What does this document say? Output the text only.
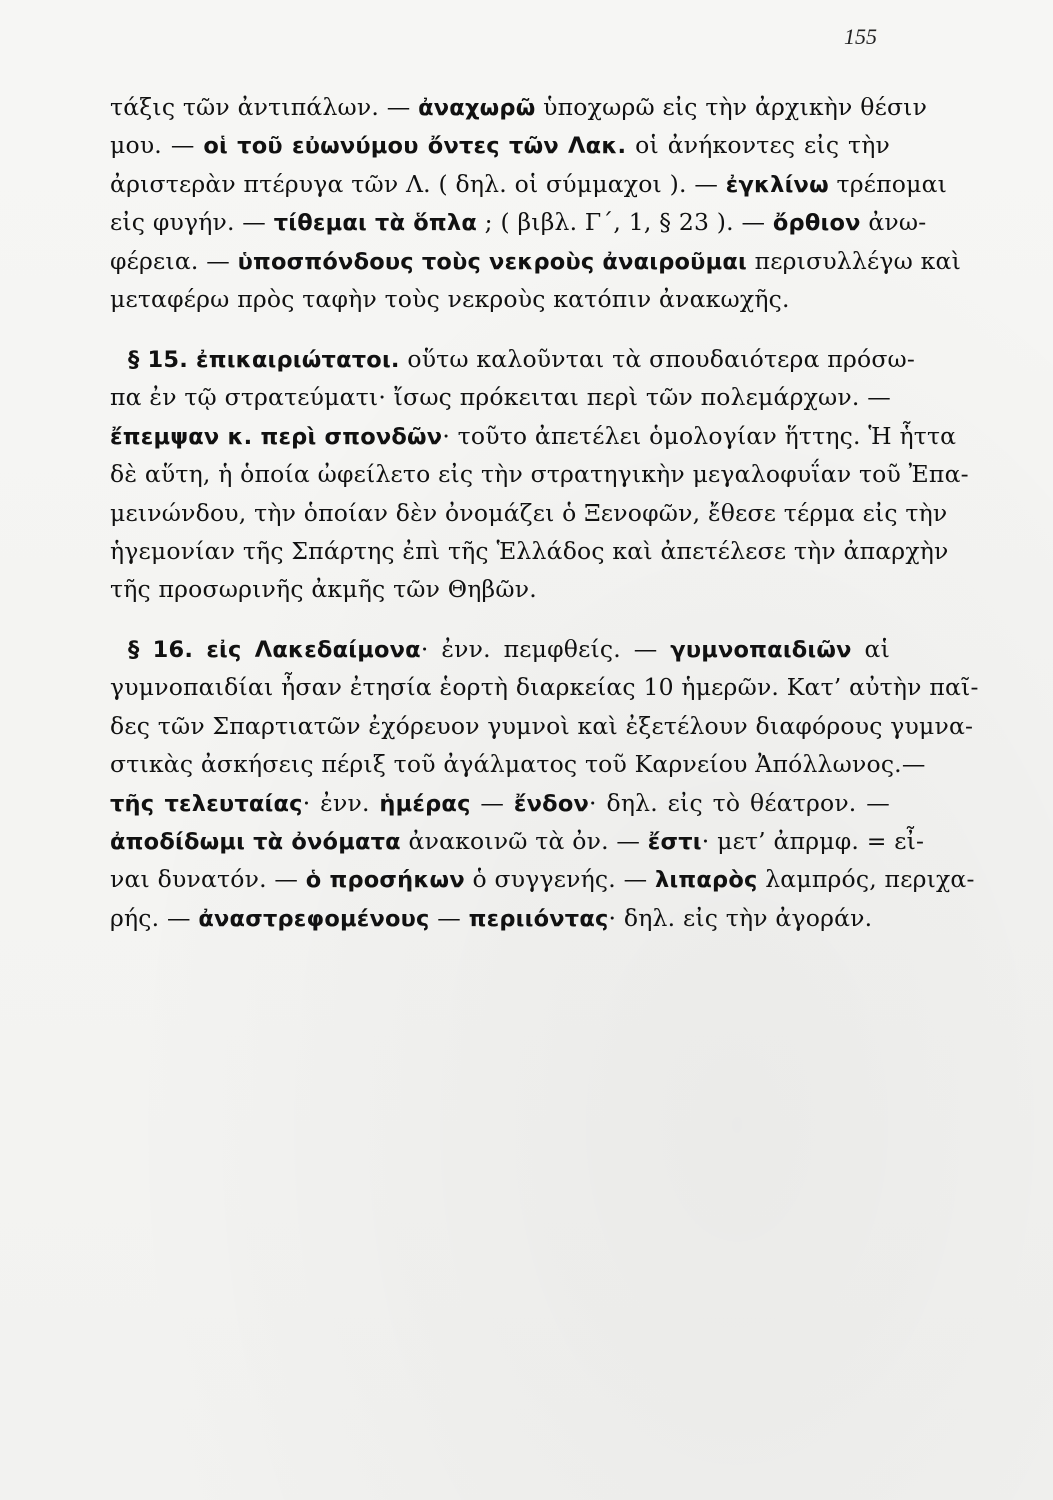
155
τάξις τῶν ἀντιπάλων. — ἀναχωρῶ ὑποχωρῶ εἰς τὴν ἀρχικὴν θέσιν
μου. — οἱ τοῦ εὐωνύμου ὄντες τῶν Λακ. οἱ ἀνήκοντες εἰς τὴν
ἀριστερὰν πτέρυγα τῶν Λ. ( δηλ. οἱ σύμμαχοι ). — ἐγκλίνω τρέπομαι
εἰς φυγήν. — τίθεμαι τὰ ὅπλα ; ( βιβλ. Γ΄, 1, § 23 ). — ὄρθιον ἀνω-
φέρεια. — ὑποσπόνδους τοὺς νεκροὺς ἀναιροῦμαι περισυλλέγω καὶ
μεταφέρω πρὸς ταφὴν τοὺς νεκροὺς κατόπιν ἀνακωχῆς.
§ 15. ἐπικαιριώτατοι. οὕτω καλοῦνται τὰ σπουδαιότερα πρόσω-
πα ἐν τῷ στρατεύματι· ἴσως πρόκειται περὶ τῶν πολεμάρχων. —
ἔπεμψαν κ. περὶ σπονδῶν· τοῦτο ἀπετέλει ὁμολογίαν ἥττης. Ἡ ἧττα
δὲ αὕτη, ἡ ὁποία ὠφείλετο εἰς τὴν στρατηγικὴν μεγαλοφυΐαν τοῦ Ἐπα-
μεινώνδου, τὴν ὁποίαν δὲν ὀνομάζει ὁ Ξενοφῶν, ἔθεσε τέρμα εἰς τὴν
ἡγεμονίαν τῆς Σπάρτης ἐπὶ τῆς Ἑλλάδος καὶ ἀπετέλεσε τὴν ἀπαρχὴν
τῆς προσωρινῆς ἀκμῆς τῶν Θηβῶν.
§ 16. εἰς Λακεδαίμονα· ἐνν. πεμφθείς. — γυμνοπαιδιῶν αἱ
γυμνοπαιδίαι ἦσαν ἐτησία ἑορτὴ διαρκείας 10 ἡμερῶν. Κατ’ αὐτὴν παῖ-
δες τῶν Σπαρτιατῶν ἐχόρευον γυμνοὶ καὶ ἐξετέλουν διαφόρους γυμνα-
στικὰς ἀσκήσεις πέριξ τοῦ ἀγάλματος τοῦ Καρνείου Ἀπόλλωνος.—
τῆς τελευταίας· ἐνν. ἡμέρας — ἔνδον· δηλ. εἰς τὸ θέατρον. —
ἀποδίδωμι τὰ ὀνόματα ἀνακοινῶ τὰ ὀν. — ἔστι· μετ’ ἀπρμφ. = εἶ-
ναι δυνατόν. — ὁ προσήκων ὁ συγγενής. — λιπαρὸς λαμπρός, περιχα-
ρής. — ἀναστρεφομένους — περιιόντας· δηλ. εἰς τὴν ἀγοράν.
